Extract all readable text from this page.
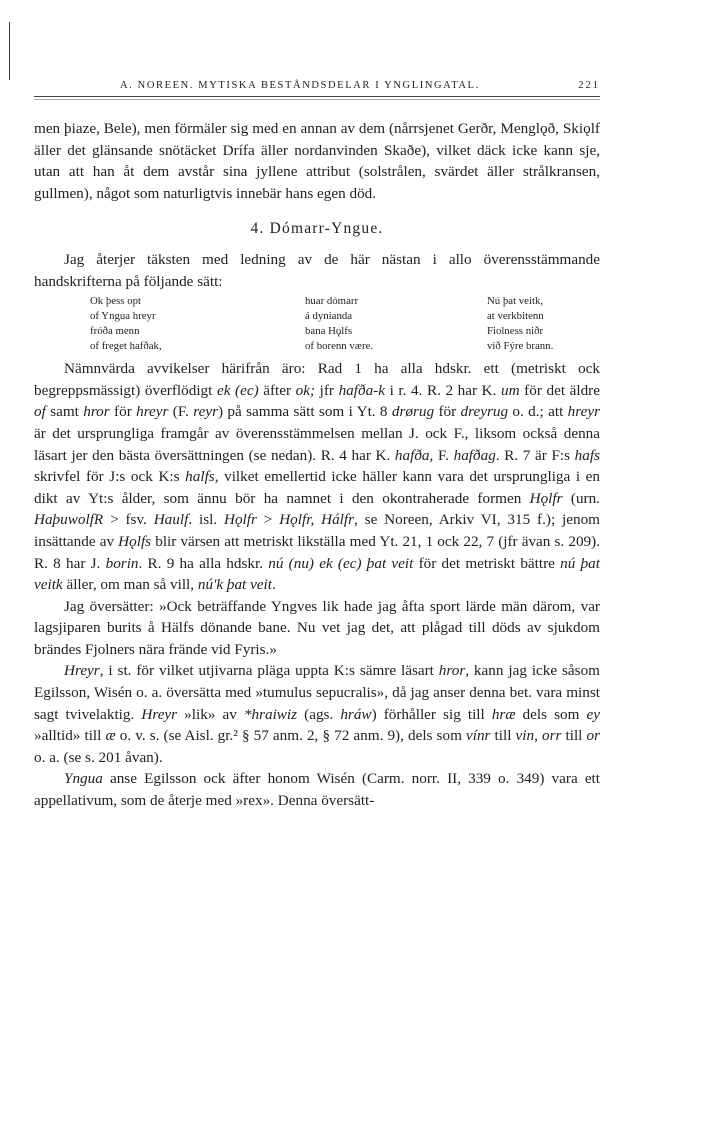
A. NOREEN. MYTISKA BESTÅNDSDELAR I YNGLINGATAL.	221

men þiaze, Bele), men förmäler sig med en annan av dem (nårrsjenet Gerðr, Menglǫð, Skiǫlf äller det glänsande snötäcket Drífa äller nordanvinden Skaðe), vilket däck icke kann sje, utan att han åt dem avstår sina jyllene attribut (solstrålen, svärdet äller strålkransen, gullmen), något som naturligtvis innebär hans egen död.

4. Dómarr-Yngue.

Jag återjer täksten med ledning av de här nästan i allo överensstämmande handskrifterna på följande sätt:

Ok þess opt	huar dómarr	Nú þat veitk,
of Yngua hreyr	á dynianda	at verkbitenn
fróða menn	bana Hǫlfs	Fiolness niðr
of freget hafðak,	of borenn være.	við Fýre brann.

Nämnvärda avvikelser härifrån äro: Rad 1 ha alla hdskr. ett (metriskt ock begreppsmässigt) överflödigt ek (ec) äfter ok; jfr hafða-k i r. 4. R. 2 har K. um för det äldre of samt hror för hreyr (F. reyr) på samma sätt som i Yt. 8 drørug för dreyrug o. d.; att hreyr är det ursprungliga framgår av överensstämmelsen mellan J. ock F., liksom också denna läsart jer den bästa översättningen (se nedan). R. 4 har K. hafða, F. hafðag. R. 7 är F:s hafs skrivfel för J:s ock K:s halfs, vilket emellertid icke häller kann vara det ursprungliga i en dikt av Yt:s ålder, som ännu bör ha namnet i den okontraherade formen Hǫlfr (urn. HaþuwolfR > fsv. Haulf. isl. Hǫlfr > Hǫlfr, Hálfr, se Noreen, Arkiv VI, 315 f.); jenom insättande av Hǫlfs blir värsen att metriskt likställa med Yt. 21, 1 ock 22, 7 (jfr ävan s. 209). R. 8 har J. borin. R. 9 ha alla hdskr. nú (nu) ek (ec) þat veit för det metriskt bättre nú þat veitk äller, om man så vill, nú'k þat veit.

Jag översätter: »Ock beträffande Yngves lik hade jag åfta sport lärde män därom, var lagsjiparen burits å Hälfs dönande bane. Nu vet jag det, att plågad till döds av sjukdom brändes Fjolners nära frände vid Fyris.»

Hreyr, i st. för vilket utjivarna pläga uppta K:s sämre läsart hror, kann jag icke såsom Egilsson, Wisén o. a. översätta med »tumulus sepucralis», då jag anser denna bet. vara minst sagt tvivelaktig. Hreyr »lik» av *hraiwiz (ags. hráw) förhåller sig till hræ dels som ey »alltid» till æ o. v. s. (se Aisl. gr.² § 57 anm. 2, § 72 anm. 9), dels som vínr till vin, orr till or o. a. (se s. 201 åvan).

Yngua anse Egilsson ock äfter honom Wisén (Carm. norr. II, 339 o. 349) vara ett appellativum, som de återje med »rex». Denna översätt-
